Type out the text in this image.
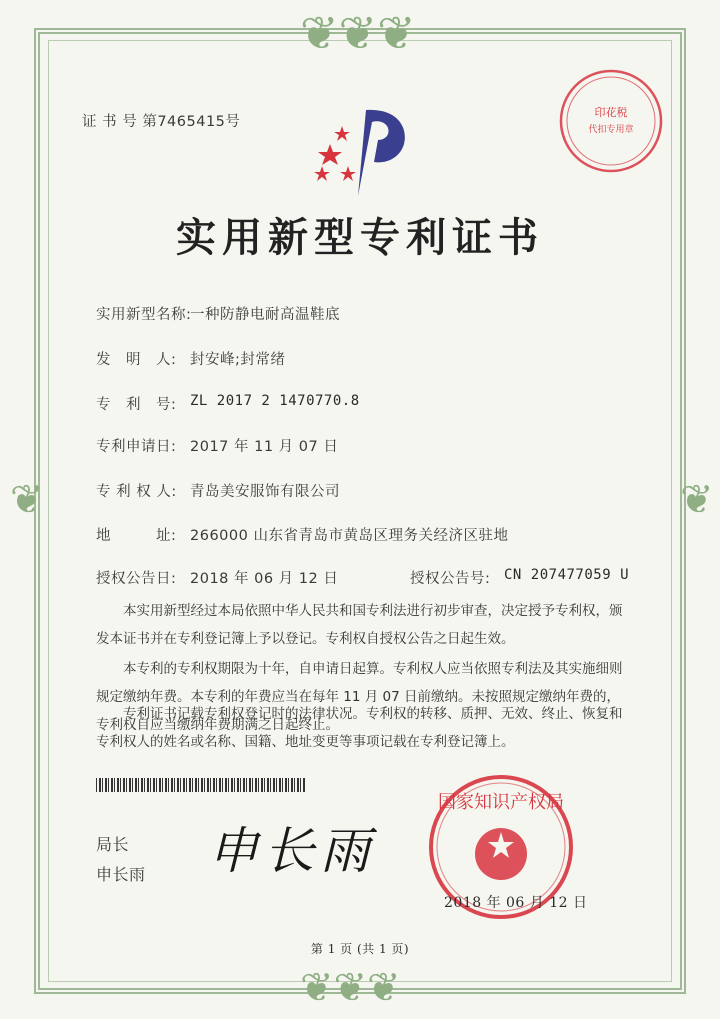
❦❦❦
❦❦❦
❦	❦
证 书 号 第7465415号
印花税
代扣专用章
实用新型专利证书
实用新型名称:
一种防静电耐高温鞋底
发　明　人: 封安峰;封常绪
专　利　号: ZL 2017 2 1470770.8
专利申请日: 2017 年 11 月 07 日
专 利 权 人: 青岛美安服饰有限公司
地　　　址: 266000 山东省青岛市黄岛区理务关经济区驻地
授权公告日: 2018 年 06 月 12 日	授权公告号: CN 207477059 U
本实用新型经过本局依照中华人民共和国专利法进行初步审查，决定授予专利权，颁发本证书并在专利登记簿上予以登记。专利权自授权公告之日起生效。
本专利的专利权期限为十年，自申请日起算。专利权人应当依照专利法及其实施细则规定缴纳年费。本专利的年费应当在每年 11 月 07 日前缴纳。未按照规定缴纳年费的，专利权自应当缴纳年费期满之日起终止。
专利证书记载专利权登记时的法律状况。专利权的转移、质押、无效、终止、恢复和专利权人的姓名或名称、国籍、地址变更等事项记载在专利登记簿上。
局长
申长雨 申长雨
国家知识产权局
2018 年 06 月 12 日
第 1 页 (共 1 页)
